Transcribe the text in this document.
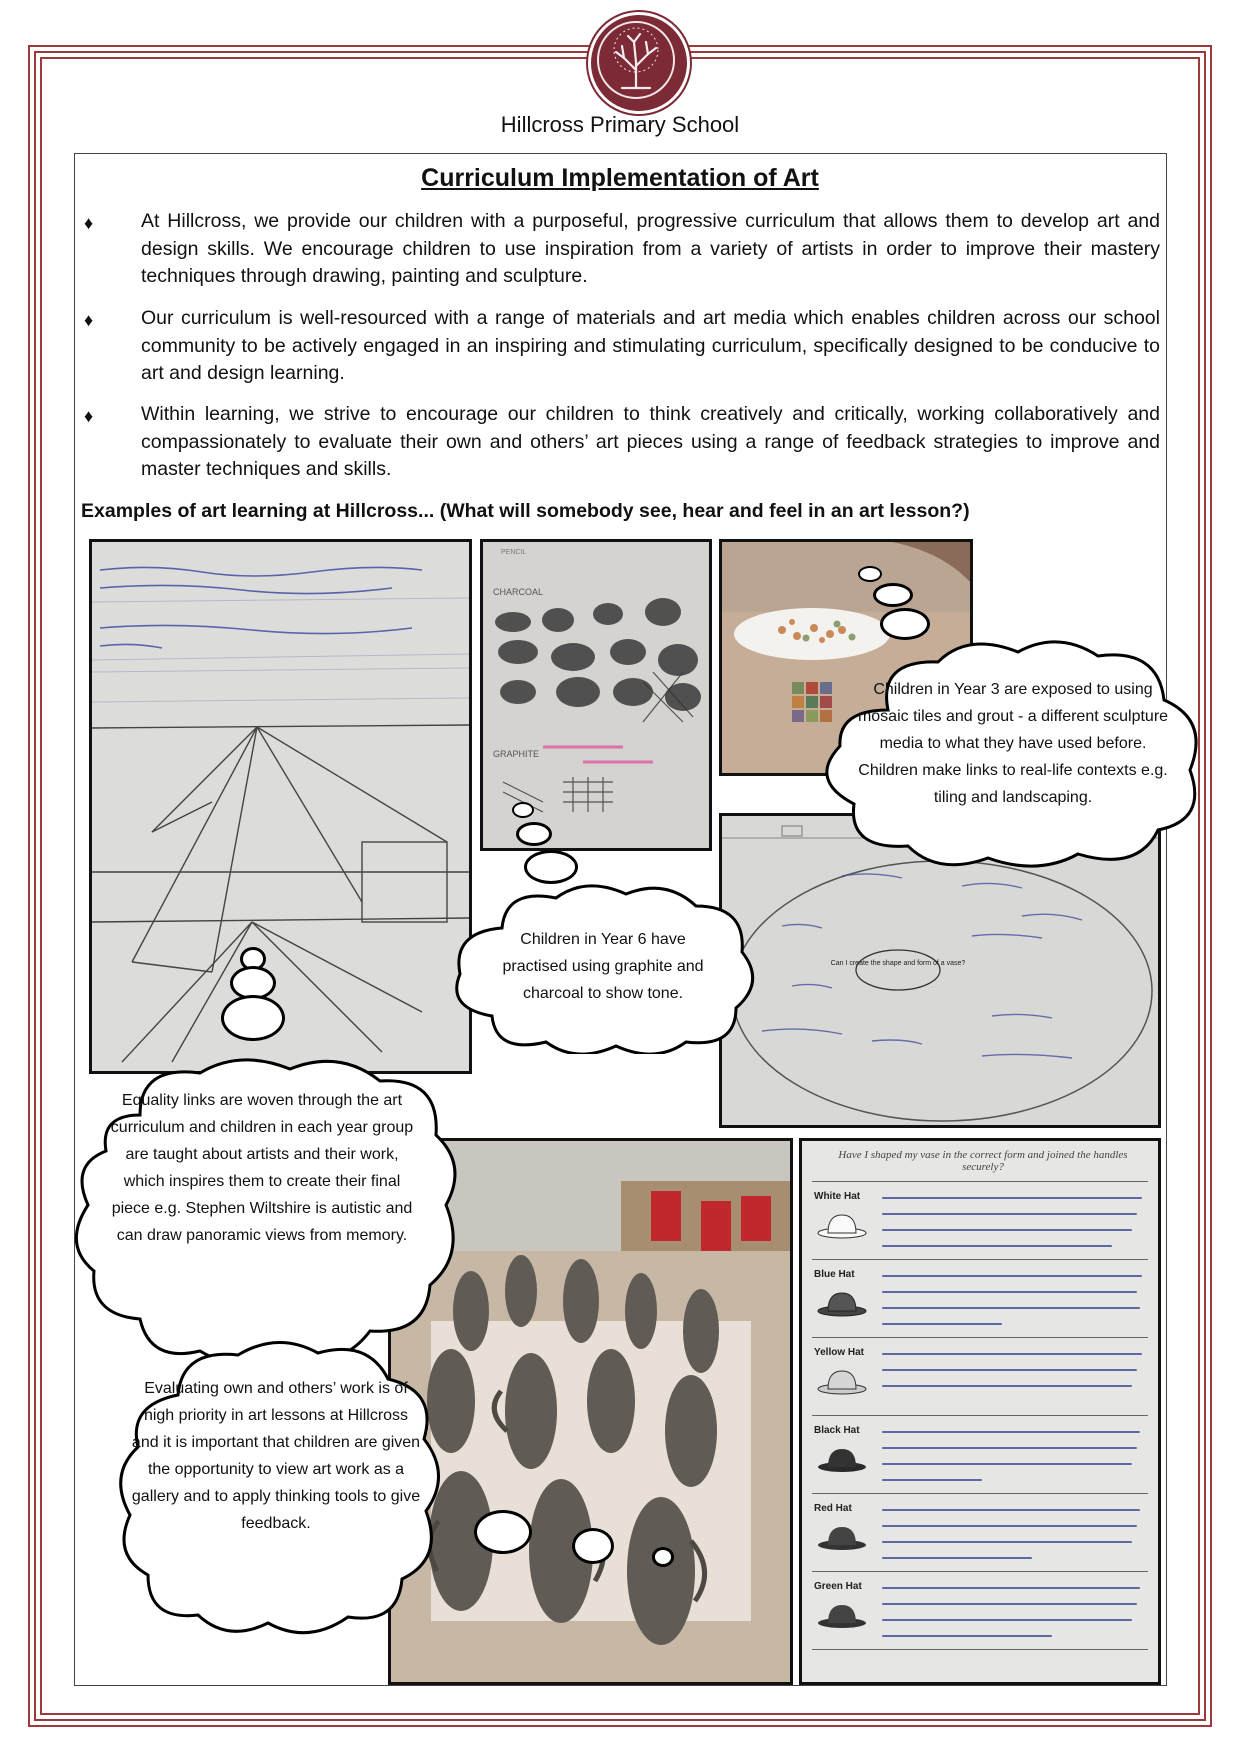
Hillcross Primary School
Curriculum Implementation of Art
♦ At Hillcross, we provide our children with a purposeful, progressive curriculum that allows them to develop art and design skills. We encourage children to use inspiration from a variety of artists in order to improve their mastery techniques through drawing, painting and sculpture.
♦ Our curriculum is well-resourced with a range of materials and art media which enables children across our school community to be actively engaged in an inspiring and stimulating curriculum, specifically designed to be conducive to art and design learning.
♦ Within learning, we strive to encourage our children to think creatively and critically, working collaboratively and compassionately to evaluate their own and others’ art pieces using a range of feedback strategies to improve and master techniques and skills.
Examples of art learning at Hillcross... (What will somebody see, hear and feel in an art lesson?)
CHARCOAL
GRAPHITE
PENCIL
Can I create the shape and form of a vase?
Have I shaped my vase in the correct form and joined the handles securely?
White Hat
Blue Hat
Yellow Hat
Black Hat
Red Hat
Green Hat
Children in Year 3 are exposed to using mosaic tiles and grout - a different sculpture media to what they have used before. Children make links to real-life contexts e.g. tiling and landscaping.
Children in Year 6 have practised using graphite and charcoal to show tone.
Equality links are woven through the art curriculum and children in each year group are taught about artists and their work, which inspires them to create their final piece e.g. Stephen Wiltshire is autistic and can draw panoramic views from memory.
Evaluating own and others’ work is of high priority in art lessons at Hillcross and it is important that children are given the opportunity to view art work as a gallery and to apply thinking tools to give feedback.
